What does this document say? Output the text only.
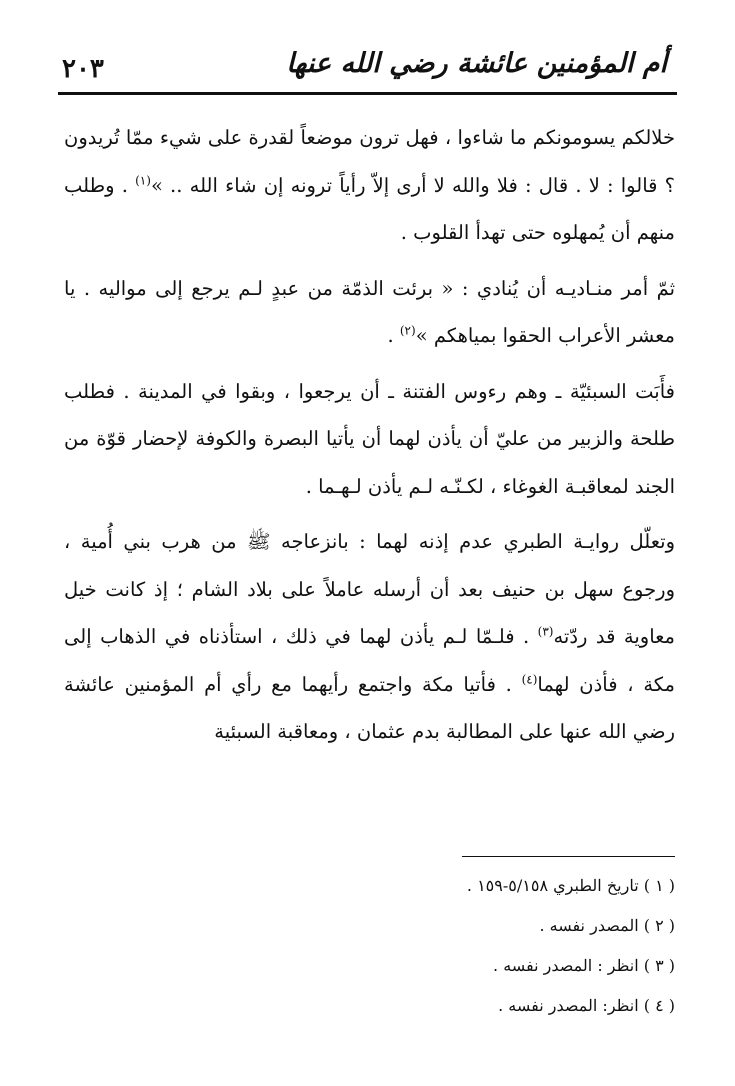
٢٠٣	أم المؤمنين عائشة رضي الله عنها

خلالكم يسومونكم ما شاءوا ، فهل ترون موضعاً لقدرة على شيء ممّا تُريدون ؟ قالوا : لا . قال : فلا والله لا أرى إلاّ رأياً ترونه إن شاء الله .. »$^{(١)}$ . وطلب منهم أن يُمهلوه حتى تهدأ القلوب .

ثمّ أمر منـاديـه أن يُنادي : « برئت الذمّة من عبدٍ لـم يرجع إلى مواليه . يا معشر الأعراب الحقوا بمياهكم »$^{(٢)}$ .

فأَبَت السبئيّة ـ وهم رءوس الفتنة ـ أن يرجعوا ، وبقوا في المدينة . فطلب طلحة والزبير من عليّ أن يأذن لهما أن يأتيا البصرة والكوفة لإحضار قوّة من الجند لمعاقبـة الغوغاء ، لكـنّـه لـم يأذن لـهـما .

وتعلّل روايـة الطبري عدم إذنه لهما : بانزعاجه ﷺ من هرب بني أُمية ، ورجوع سهل بن حنيف بعد أن أرسله عاملاً على بلاد الشام ؛ إذ كانت خيل معاوية قد ردّته$^{(٣)}$ . فلـمّا لـم يأذن لهما في ذلك ، استأذناه في الذهاب إلى مكة ، فأذن لهما$^{(٤)}$ . فأتيا مكة واجتمع رأيهما مع رأي أم المؤمنين عائشة رضي الله عنها على المطالبة بدم عثمان ، ومعاقبة السبئية

( ١ ) تاريخ الطبري ٥/١٥٨-١٥٩ .

( ٢ ) المصدر نفسه .

( ٣ ) انظر : المصدر نفسه .

( ٤ ) انظر: المصدر نفسه .
